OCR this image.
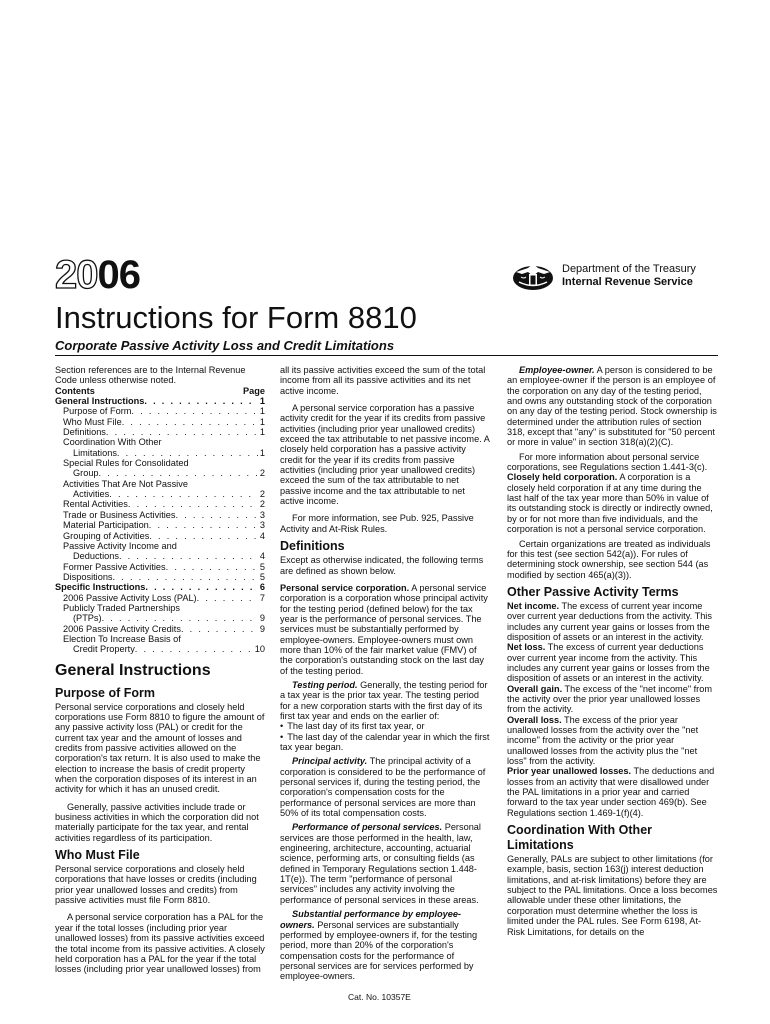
2006	Department of the Treasury
Internal Revenue Service
Instructions for Form 8810
Corporate Passive Activity Loss and Credit Limitations

Section references are to the Internal Revenue Code unless otherwise noted.

Contents	Page
General Instructions . . .	1
Purpose of Form . . .	1
Who Must File . . .	1
Definitions . . .	1
Coordination With Other
Limitations . . .	1
Special Rules for Consolidated
Group . . .	2
Activities That Are Not Passive
Activities . . .	2
Rental Activities . . .	2
Trade or Business Activities . . .	3
Material Participation . . .	3
Grouping of Activities . . .	4
Passive Activity Income and
Deductions . . .	4
Former Passive Activities . . .	5
Dispositions . . .	5
Specific Instructions . . .	6
2006 Passive Activity Loss (PAL) . . .	7
Publicly Traded Partnerships
(PTPs) . . .	9
2006 Passive Activity Credits . . .	9
Election To Increase Basis of
Credit Property . . .	10
General Instructions
Purpose of Form

Personal service corporations and closely held corporations use Form 8810 to figure the amount of any passive activity loss (PAL) or credit for the current tax year and the amount of losses and credits from passive activities allowed on the corporation's tax return. It is also used to make the election to increase the basis of credit property when the corporation disposes of its interest in an activity for which it has an unused credit.

Generally, passive activities include trade or business activities in which the corporation did not materially participate for the tax year, and rental activities regardless of its participation.

Who Must File

Personal service corporations and closely held corporations that have losses or credits (including prior year unallowed losses and credits) from passive activities must file Form 8810.

A personal service corporation has a PAL for the year if the total losses (including prior year unallowed losses) from its passive activities exceed the total income from its passive activities. A closely held corporation has a PAL for the year if the total losses (including prior year unallowed losses) from

all its passive activities exceed the sum of the total income from all its passive activities and its net active income.

A personal service corporation has a passive activity credit for the year if its credits from passive activities (including prior year unallowed credits) exceed the tax attributable to net passive income. A closely held corporation has a passive activity credit for the year if its credits from passive activities (including prior year unallowed credits) exceed the sum of the tax attributable to net passive income and the tax attributable to net active income.

For more information, see Pub. 925, Passive Activity and At-Risk Rules.

Definitions

Except as otherwise indicated, the following terms are defined as shown below.

Personal service corporation. A personal service corporation is a corporation whose principal activity for the testing period (defined below) for the tax year is the performance of personal services. The services must be substantially performed by employee-owners. Employee-owners must own more than 10% of the fair market value (FMV) of the corporation's outstanding stock on the last day of the testing period.

Testing period. Generally, the testing period for a tax year is the prior tax year. The testing period for a new corporation starts with the first day of its first tax year and ends on the earlier of:

• The last day of its first tax year, or

• The last day of the calendar year in which the first tax year began.

Principal activity. The principal activity of a corporation is considered to be the performance of personal services if, during the testing period, the corporation's compensation costs for the performance of personal services are more than 50% of its total compensation costs.

Performance of personal services. Personal services are those performed in the health, law, engineering, architecture, accounting, actuarial science, performing arts, or consulting fields (as defined in Temporary Regulations section 1.448-1T(e)). The term "performance of personal services" includes any activity involving the performance of personal services in these areas.

Substantial performance by employee-owners. Personal services are substantially performed by employee-owners if, for the testing period, more than 20% of the corporation's compensation costs for the performance of personal services are for services performed by employee-owners.

Employee-owner. A person is considered to be an employee-owner if the person is an employee of the corporation on any day of the testing period, and owns any outstanding stock of the corporation on any day of the testing period. Stock ownership is determined under the attribution rules of section 318, except that "any" is substituted for "50 percent or more in value" in section 318(a)(2)(C).

For more information about personal service corporations, see Regulations section 1.441-3(c).

Closely held corporation. A corporation is a closely held corporation if at any time during the last half of the tax year more than 50% in value of its outstanding stock is directly or indirectly owned, by or for not more than five individuals, and the corporation is not a personal service corporation.

Certain organizations are treated as individuals for this test (see section 542(a)). For rules of determining stock ownership, see section 544 (as modified by section 465(a)(3)).

Other Passive Activity Terms

Net income. The excess of current year income over current year deductions from the activity. This includes any current year gains or losses from the disposition of assets or an interest in the activity.

Net loss. The excess of current year deductions over current year income from the activity. This includes any current year gains or losses from the disposition of assets or an interest in the activity.

Overall gain. The excess of the "net income" from the activity over the prior year unallowed losses from the activity.

Overall loss. The excess of the prior year unallowed losses from the activity over the "net income" from the activity or the prior year unallowed losses from the activity plus the "net loss" from the activity.

Prior year unallowed losses. The deductions and losses from an activity that were disallowed under the PAL limitations in a prior year and carried forward to the tax year under section 469(b). See Regulations section 1.469-1(f)(4).

Coordination With Other Limitations

Generally, PALs are subject to other limitations (for example, basis, section 163(j) interest deduction limitations, and at-risk limitations) before they are subject to the PAL limitations. Once a loss becomes allowable under these other limitations, the corporation must determine whether the loss is limited under the PAL rules. See Form 6198, At-Risk Limitations, for details on the

Cat. No. 10357E
